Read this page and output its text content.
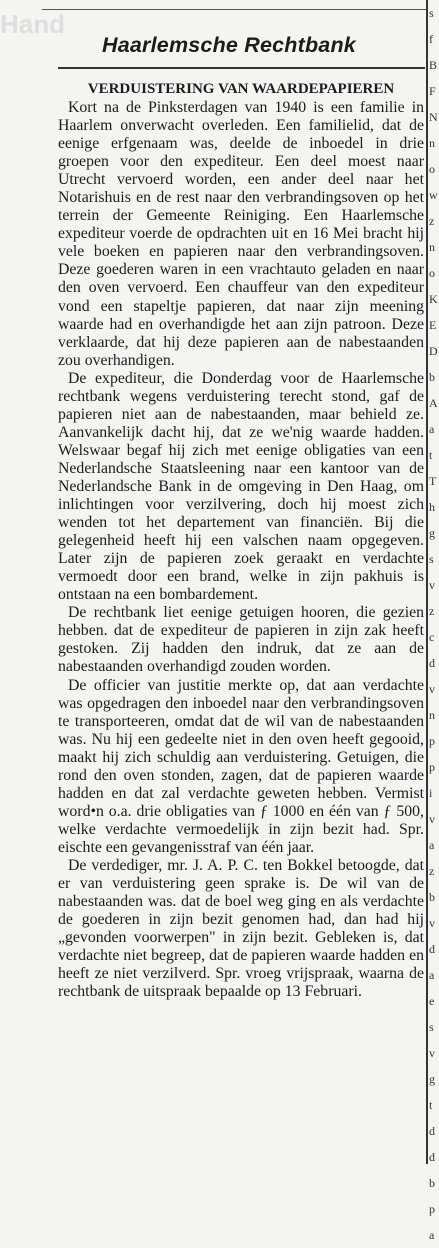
Hand	s
f
B
F
N
n
o
w
z
n
o
K
E
D
b
A
a
t
T
h
g
s
v
z
c
d
v
n
p
p
i
v
a
z
b
v
d
a
e
s
v
g
t
d
d
b
p
a
Haarlemsche Rechtbank

VERDUISTERING VAN WAARDEPAPIEREN

Kort na de Pinksterdagen van 1940 is een familie in Haarlem onverwacht overleden. Een familielid, dat de eenige erfgenaam was, deelde de inboedel in drie groepen voor den expediteur. Een deel moest naar Utrecht vervoerd worden, een ander deel naar het Notarishuis en de rest naar den verbrandingsoven op het terrein der Gemeente Reiniging. Een Haarlemsche expediteur voerde de opdrachten uit en 16 Mei bracht hij vele boeken en papieren naar den verbrandingsoven. Deze goederen waren in een vrachtauto geladen en naar den oven vervoerd. Een chauffeur van den expediteur vond een stapeltje papieren, dat naar zijn meening waarde had en overhandigde het aan zijn patroon. Deze verklaarde, dat hij deze papieren aan de nabestaanden zou overhandigen.

De expediteur, die Donderdag voor de Haarlemsche rechtbank wegens verduistering terecht stond, gaf de papieren niet aan de nabestaanden, maar behield ze. Aanvankelijk dacht hij, dat ze we'nig waarde hadden. Welswaar begaf hij zich met eenige obligaties van een Nederlandsche Staatsleening naar een kantoor van de Nederlandsche Bank in de omgeving in Den Haag, om inlichtingen voor verzilvering, doch hij moest zich wenden tot het departement van financiën. Bij die gelegenheid heeft hij een valschen naam opgegeven. Later zijn de papieren zoek geraakt en verdachte vermoedt door een brand, welke in zijn pakhuis is ontstaan na een bombardement.

De rechtbank liet eenige getuigen hooren, die gezien hebben. dat de expediteur de papieren in zijn zak heeft gestoken. Zij hadden den indruk, dat ze aan de nabestaanden overhandigd zouden worden.

De officier van justitie merkte op, dat aan verdachte was opgedragen den inboedel naar den verbrandingsoven te transporteeren, omdat dat de wil van de nabestaanden was. Nu hij een gedeelte niet in den oven heeft gegooid, maakt hij zich schuldig aan verduistering. Getuigen, die rond den oven stonden, zagen, dat de papieren waarde hadden en dat zal verdachte geweten hebben. Vermist word•n o.a. drie obligaties van ƒ 1000 en één van ƒ 500, welke verdachte vermoedelijk in zijn bezit had. Spr. eischte een gevangenisstraf van één jaar.

De verdediger, mr. J. A. P. C. ten Bokkel betoogde, dat er van verduistering geen sprake is. De wil van de nabestaanden was. dat de boel weg ging en als verdachte de goederen in zijn bezit genomen had, dan had hij „gevonden voorwerpen" in zijn bezit. Gebleken is, dat verdachte niet begreep, dat de papieren waarde hadden en heeft ze niet verzilverd. Spr. vroeg vrijspraak, waarna de rechtbank de uitspraak bepaalde op 13 Februari.
